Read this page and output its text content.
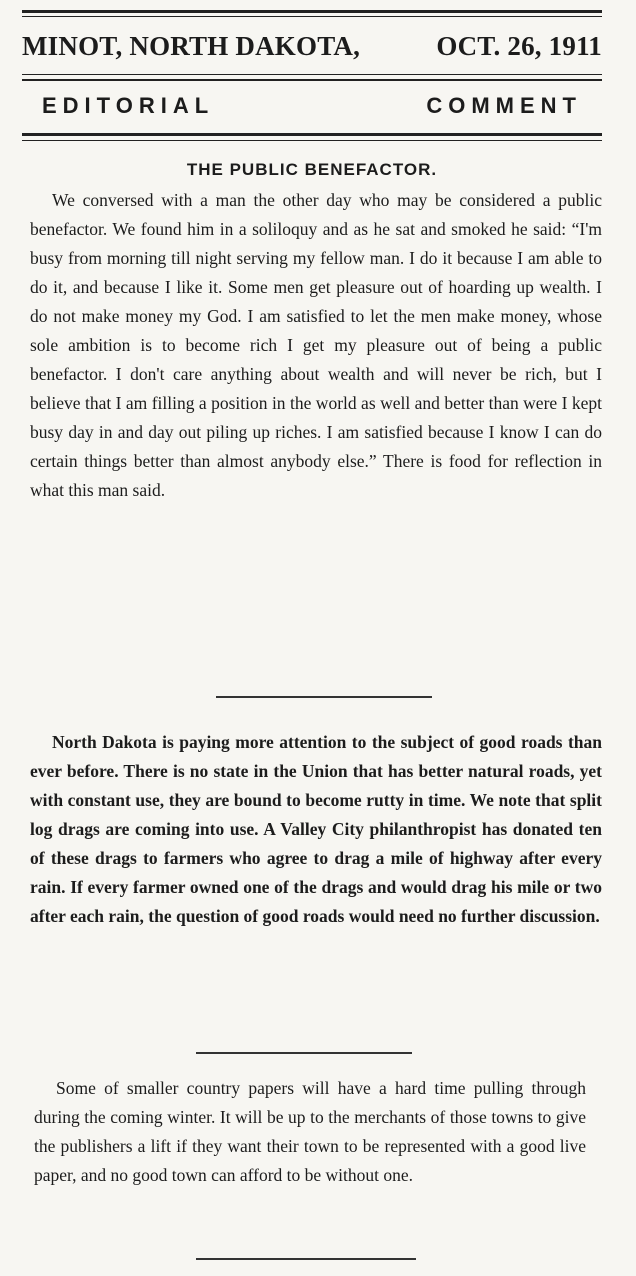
MINOT, NORTH DAKOTA,	OCT. 26, 1911
EDITORIAL	COMMENT
THE PUBLIC BENEFACTOR.

We conversed with a man the other day who may be considered a public benefactor. We found him in a soliloquy and as he sat and smoked he said: “I'm busy from morning till night serving my fellow man. I do it because I am able to do it, and because I like it. Some men get pleasure out of hoarding up wealth. I do not make money my God. I am satisfied to let the men make money, whose sole ambition is to become rich I get my pleasure out of being a public benefactor. I don't care anything about wealth and will never be rich, but I believe that I am filling a position in the world as well and better than were I kept busy day in and day out piling up riches. I am satisfied because I know I can do certain things better than almost anybody else.” There is food for reflection in what this man said.

North Dakota is paying more attention to the subject of good roads than ever before. There is no state in the Union that has better natural roads, yet with constant use, they are bound to become rutty in time. We note that split log drags are coming into use. A Valley City philanthropist has donated ten of these drags to farmers who agree to drag a mile of highway after every rain. If every farmer owned one of the drags and would drag his mile or two after each rain, the question of good roads would need no further discussion.

Some of smaller country papers will have a hard time pulling through during the coming winter. It will be up to the merchants of those towns to give the publishers a lift if they want their town to be represented with a good live paper, and no good town can afford to be without one.
